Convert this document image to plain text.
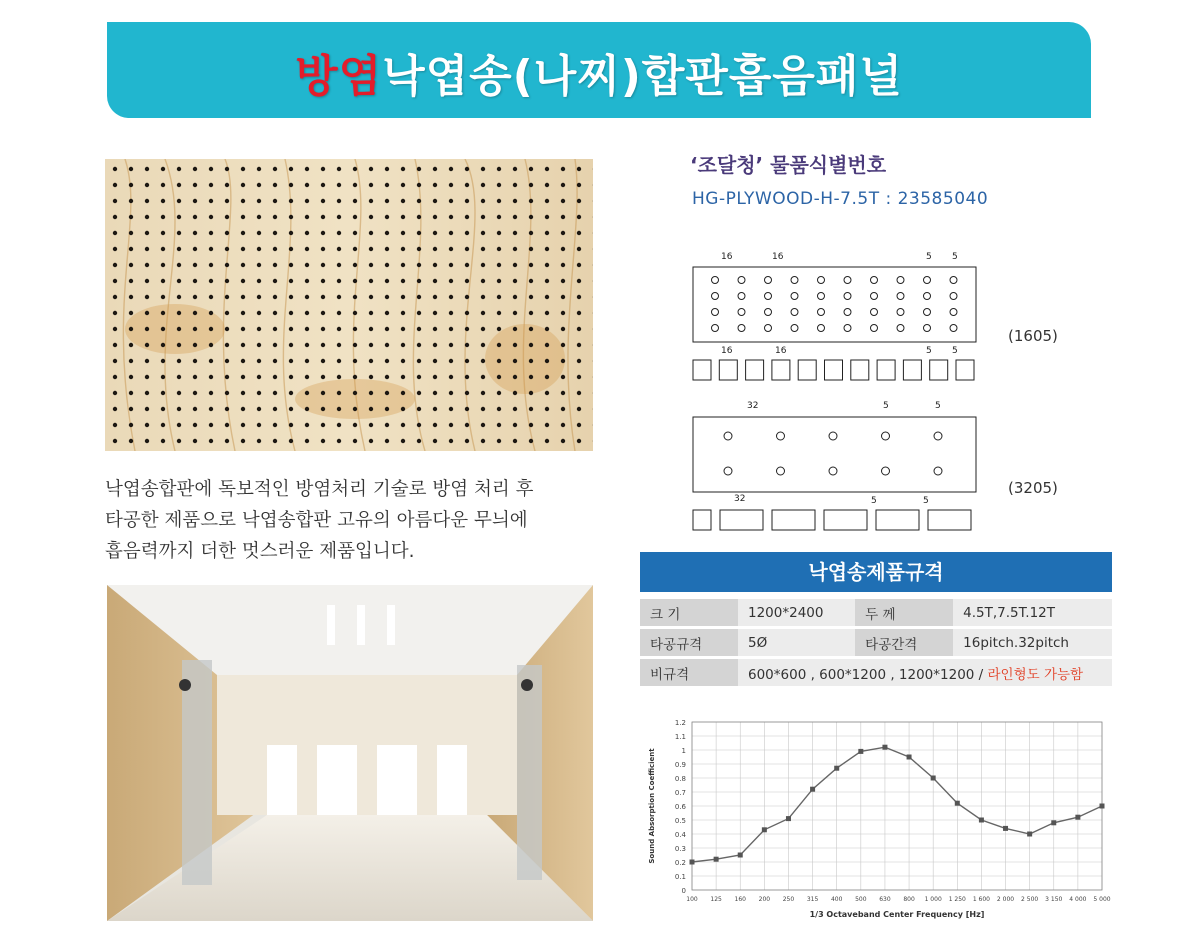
방염낙엽송(나찌)합판흡음패널
낙엽송합판에 독보적인 방염처리 기술로 방염 처리 후
타공한 제품으로 낙엽송합판 고유의 아름다운 무늬에
흡음력까지 더한 멋스러운 제품입니다.
‘조달청’ 물품식별번호
HG-PLYWOOD-H-7.5T : 23585040
16	16	5 5
16	16	5 5
32	5	5
32	5	5
(1605)
(3205)
낙엽송제품규격
크 기	1200*2400	두 께	4.5T,7.5T.12T
타공규격	5Ø	타공간격	16pitch.32pitch
비규격	600*600 , 600*1200 , 1200*1200 / 라인형도 가능함		
0
0.1
0.2
0.3
0.4
0.5
0.6
0.7
0.8
0.9
1
1.1
1.2
100 125 160 200 250 315 400 500 630 800 1 000 1 250 1 600 2 000 2 500 3 150 4 000 5 000
1/3 Octaveband Center Frequency [Hz]
Sound Absorption Coefficient
